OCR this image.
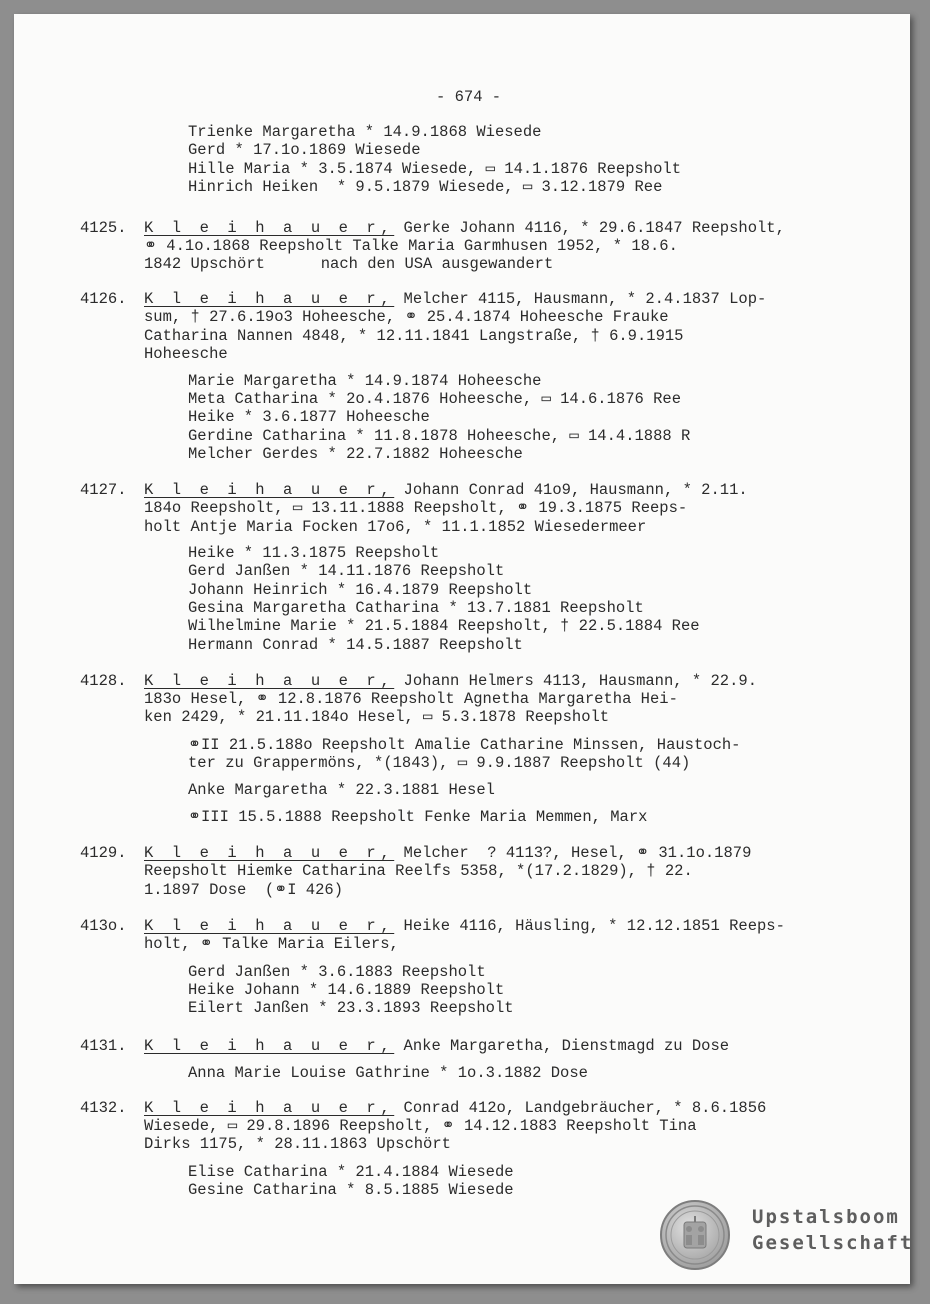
- 674 -
Trienke Margaretha * 14.9.1868 Wiesede
Gerd * 17.1o.1869 Wiesede
Hille Maria * 3.5.1874 Wiesede, ▭ 14.1.1876 Reepsholt
Hinrich Heiken  * 9.5.1879 Wiesede, ▭ 3.12.1879 Ree
4125. K l e i h a u e r, Gerke Johann 4116, * 29.6.1847 Reepsholt,
⚭ 4.1o.1868 Reepsholt Talke Maria Garmhusen 1952, * 18.6.
1842 Upschört      nach den USA ausgewandert
4126. K l e i h a u e r, Melcher 4115, Hausmann, * 2.4.1837 Lop-
sum, † 27.6.19o3 Hoheesche, ⚭ 25.4.1874 Hoheesche Frauke
Catharina Nannen 4848, * 12.11.1841 Langstraße, † 6.9.1915
Hoheesche
Marie Margaretha * 14.9.1874 Hoheesche
Meta Catharina * 2o.4.1876 Hoheesche, ▭ 14.6.1876 Ree
Heike * 3.6.1877 Hoheesche
Gerdine Catharina * 11.8.1878 Hoheesche, ▭ 14.4.1888 R
Melcher Gerdes * 22.7.1882 Hoheesche
4127. K l e i h a u e r, Johann Conrad 41o9, Hausmann, * 2.11.
184o Reepsholt, ▭ 13.11.1888 Reepsholt, ⚭ 19.3.1875 Reeps-
holt Antje Maria Focken 17o6, * 11.1.1852 Wiesedermeer
Heike * 11.3.1875 Reepsholt
Gerd Janßen * 14.11.1876 Reepsholt
Johann Heinrich * 16.4.1879 Reepsholt
Gesina Margaretha Catharina * 13.7.1881 Reepsholt
Wilhelmine Marie * 21.5.1884 Reepsholt, † 22.5.1884 Ree
Hermann Conrad * 14.5.1887 Reepsholt
4128. K l e i h a u e r, Johann Helmers 4113, Hausmann, * 22.9.
183o Hesel, ⚭ 12.8.1876 Reepsholt Agnetha Margaretha Hei-
ken 2429, * 21.11.184o Hesel, ▭ 5.3.1878 Reepsholt
⚭II 21.5.188o Reepsholt Amalie Catharine Minssen, Haustoch-
ter zu Grappermöns, *(1843), ▭ 9.9.1887 Reepsholt (44)
Anke Margaretha * 22.3.1881 Hesel
⚭III 15.5.1888 Reepsholt Fenke Maria Memmen, Marx
4129. K l e i h a u e r, Melcher  ? 4113?, Hesel, ⚭ 31.1o.1879
Reepsholt Hiemke Catharina Reelfs 5358, *(17.2.1829), † 22.
1.1897 Dose  (⚭I 426)
413o. K l e i h a u e r, Heike 4116, Häusling, * 12.12.1851 Reeps-
holt, ⚭ Talke Maria Eilers,
Gerd Janßen * 3.6.1883 Reepsholt
Heike Johann * 14.6.1889 Reepsholt
Eilert Janßen * 23.3.1893 Reepsholt
4131. K l e i h a u e r, Anke Margaretha, Dienstmagd zu Dose
Anna Marie Louise Gathrine * 1o.3.1882 Dose
4132. K l e i h a u e r, Conrad 412o, Landgebräucher, * 8.6.1856
Wiesede, ▭ 29.8.1896 Reepsholt, ⚭ 14.12.1883 Reepsholt Tina
Dirks 1175, * 28.11.1863 Upschört
Elise Catharina * 21.4.1884 Wiesede
Gesine Catharina * 8.5.1885 Wiesede
Upstalsboom
Gesellschaft
